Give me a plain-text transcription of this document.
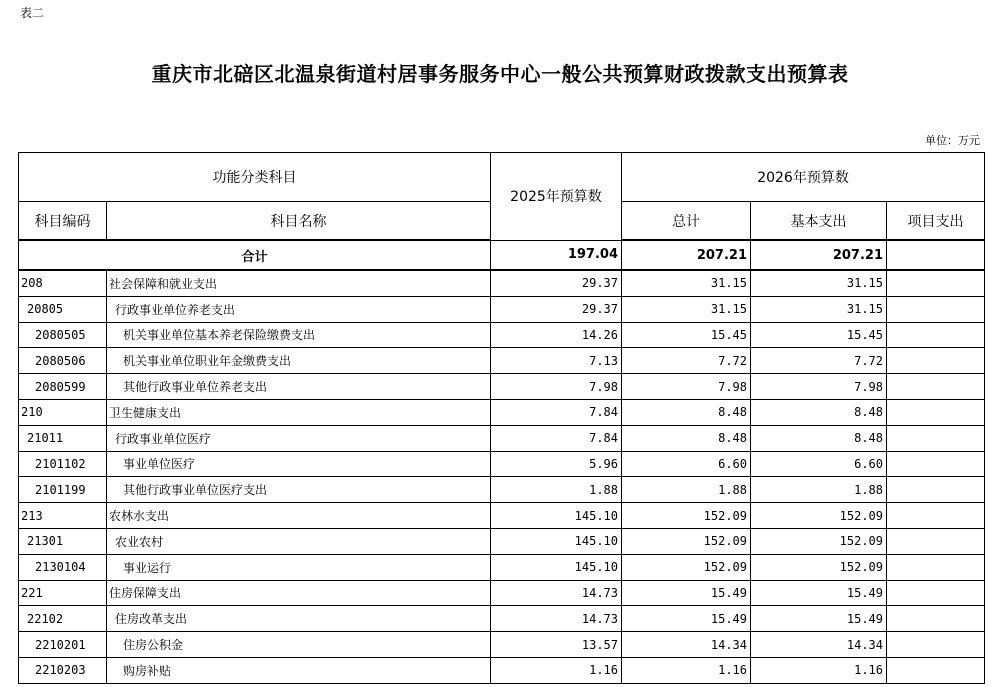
表二
重庆市北碚区北温泉街道村居事务服务中心一般公共预算财政拨款支出预算表
单位：万元
功能分类科目		2025年预算数	2026年预算数		
科目编码	科目名称		总计	基本支出	项目支出
合计		197.04	207.21	207.21	
208	社会保障和就业支出	29.37	31.15	31.15	
20805	行政事业单位养老支出	29.37	31.15	31.15	
2080505	机关事业单位基本养老保险缴费支出	14.26	15.45	15.45	
2080506	机关事业单位职业年金缴费支出	7.13	7.72	7.72	
2080599	其他行政事业单位养老支出	7.98	7.98	7.98	
210	卫生健康支出	7.84	8.48	8.48	
21011	行政事业单位医疗	7.84	8.48	8.48	
2101102	事业单位医疗	5.96	6.60	6.60	
2101199	其他行政事业单位医疗支出	1.88	1.88	1.88	
213	农林水支出	145.10	152.09	152.09	
21301	农业农村	145.10	152.09	152.09	
2130104	事业运行	145.10	152.09	152.09	
221	住房保障支出	14.73	15.49	15.49	
22102	住房改革支出	14.73	15.49	15.49	
2210201	住房公积金	13.57	14.34	14.34	
2210203	购房补贴	1.16	1.16	1.16	
